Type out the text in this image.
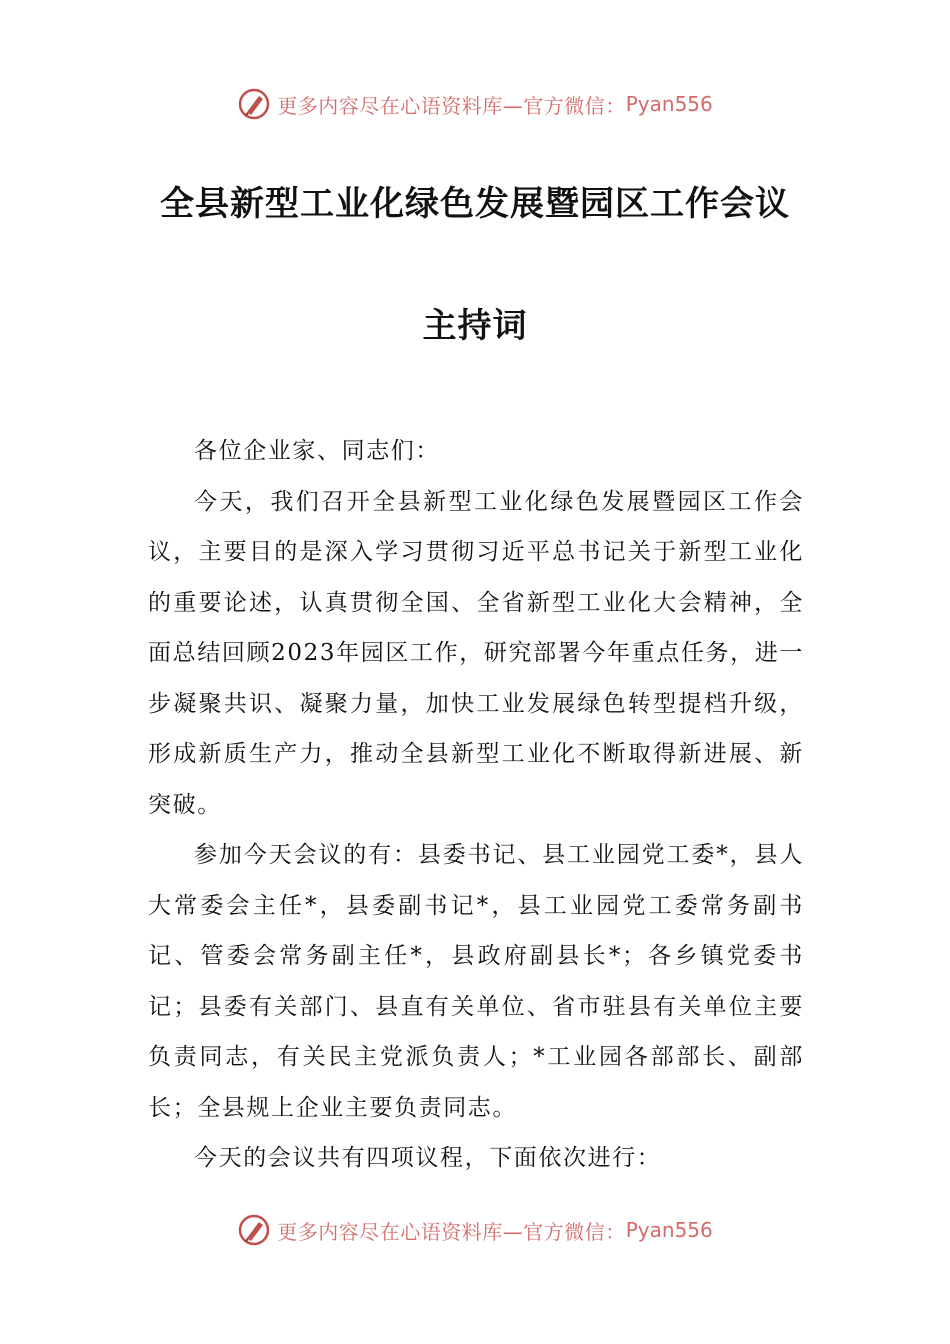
更多内容尽在心语资料库—官方微信： Pyan556
全县新型工业化绿色发展暨园区工作会议
主持词

各位企业家、同志们：

今天，我们召开全县新型工业化绿色发展暨园区工作会议，主要目的是深入学习贯彻习近平总书记关于新型工业化的重要论述，认真贯彻全国、全省新型工业化大会精神，全面总结回顾2023年园区工作，研究部署今年重点任务，进一步凝聚共识、凝聚力量，加快工业发展绿色转型提档升级，形成新质生产力，推动全县新型工业化不断取得新进展、新突破。

参加今天会议的有：县委书记、县工业园党工委*，县人大常委会主任*，县委副书记*，县工业园党工委常务副书记、管委会常务副主任*，县政府副县长*；各乡镇党委书记；县委有关部门、县直有关单位、省市驻县有关单位主要负责同志，有关民主党派负责人；*工业园各部部长、副部长；全县规上企业主要负责同志。

今天的会议共有四项议程，下面依次进行：

更多内容尽在心语资料库—官方微信： Pyan556
